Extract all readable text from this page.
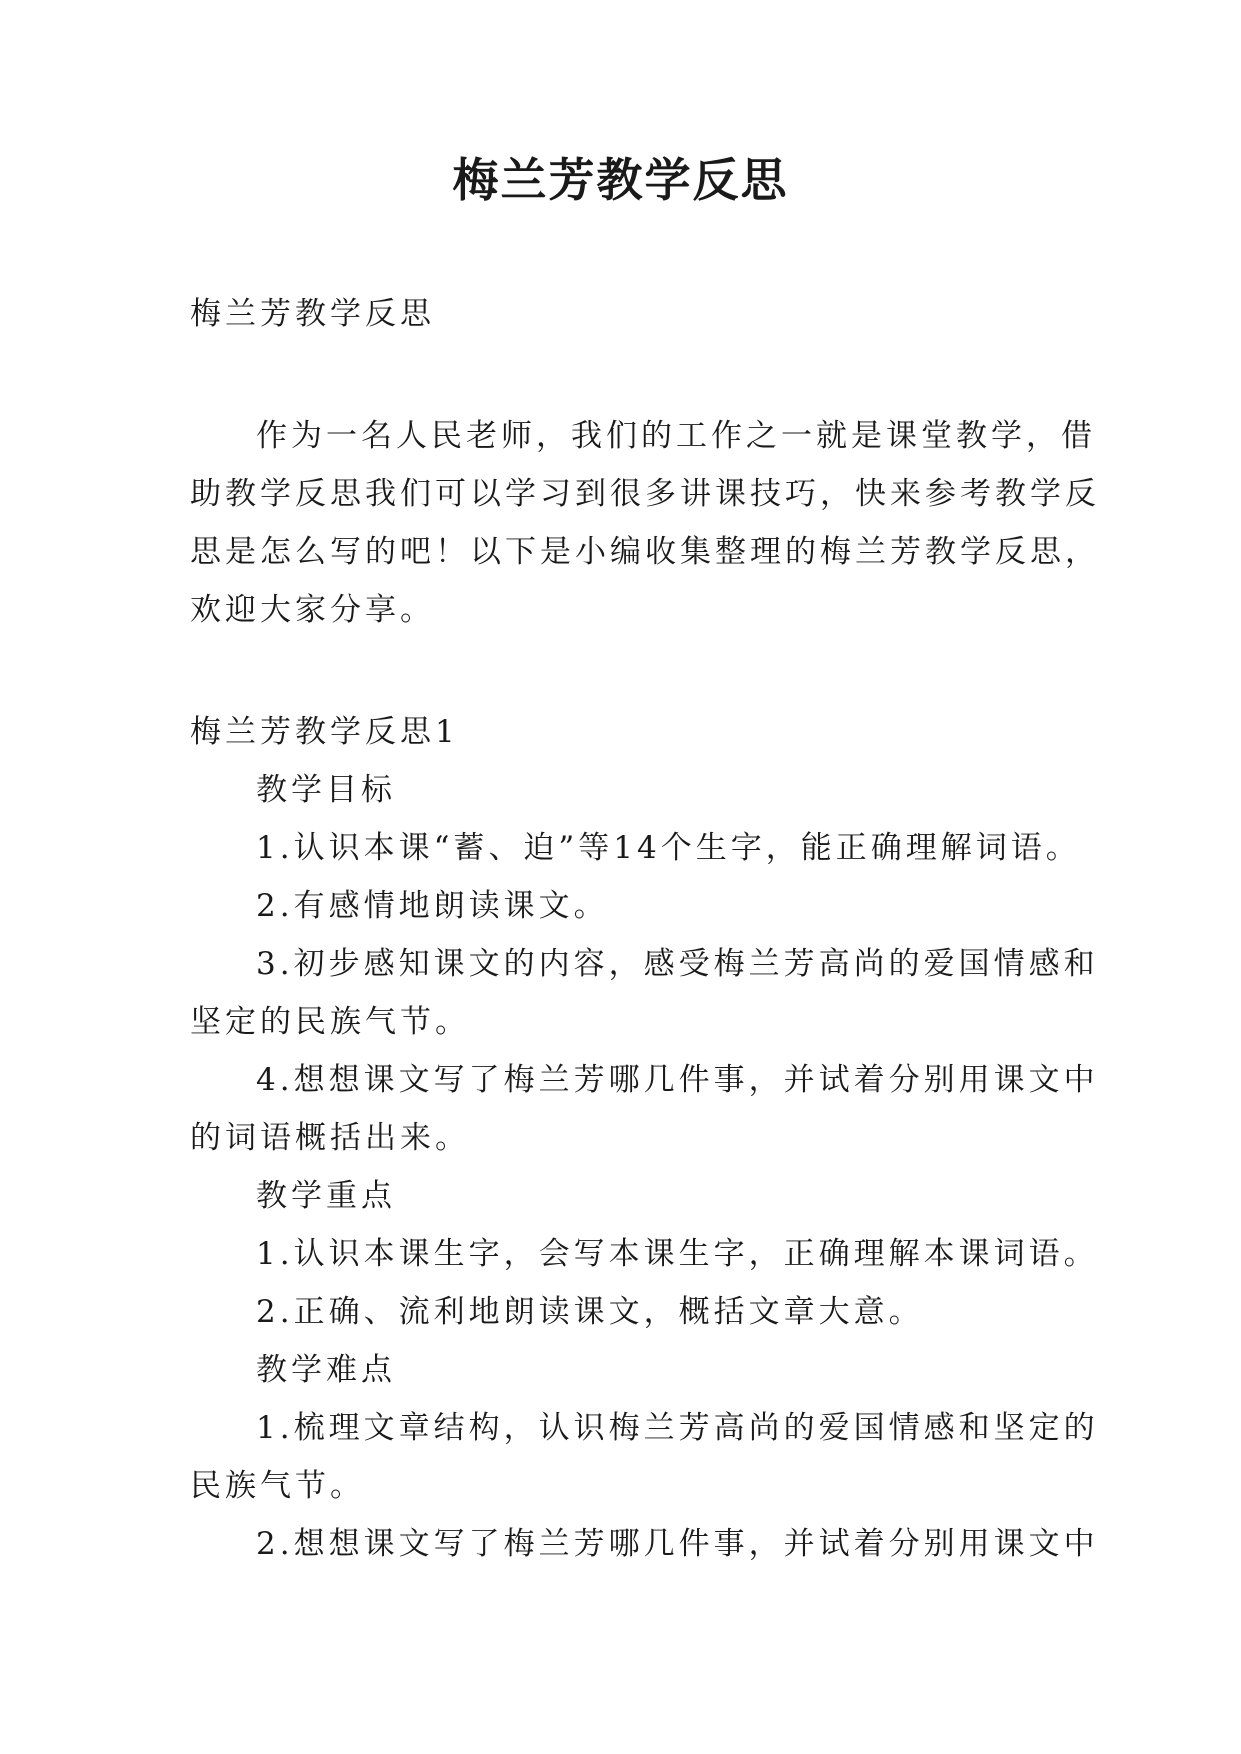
梅兰芳教学反思
梅兰芳教学反思
作为一名人民老师，我们的工作之一就是课堂教学，借
助教学反思我们可以学习到很多讲课技巧，快来参考教学反
思是怎么写的吧！以下是小编收集整理的梅兰芳教学反思，
欢迎大家分享。
梅兰芳教学反思1
教学目标
1.认识本课“蓄、迫”等14个生字，能正确理解词语。
2.有感情地朗读课文。
3.初步感知课文的内容，感受梅兰芳高尚的爱国情感和
坚定的民族气节。
4.想想课文写了梅兰芳哪几件事，并试着分别用课文中
的词语概括出来。
教学重点
1.认识本课生字，会写本课生字，正确理解本课词语。
2.正确、流利地朗读课文，概括文章大意。
教学难点
1.梳理文章结构，认识梅兰芳高尚的爱国情感和坚定的
民族气节。
2.想想课文写了梅兰芳哪几件事，并试着分别用课文中
